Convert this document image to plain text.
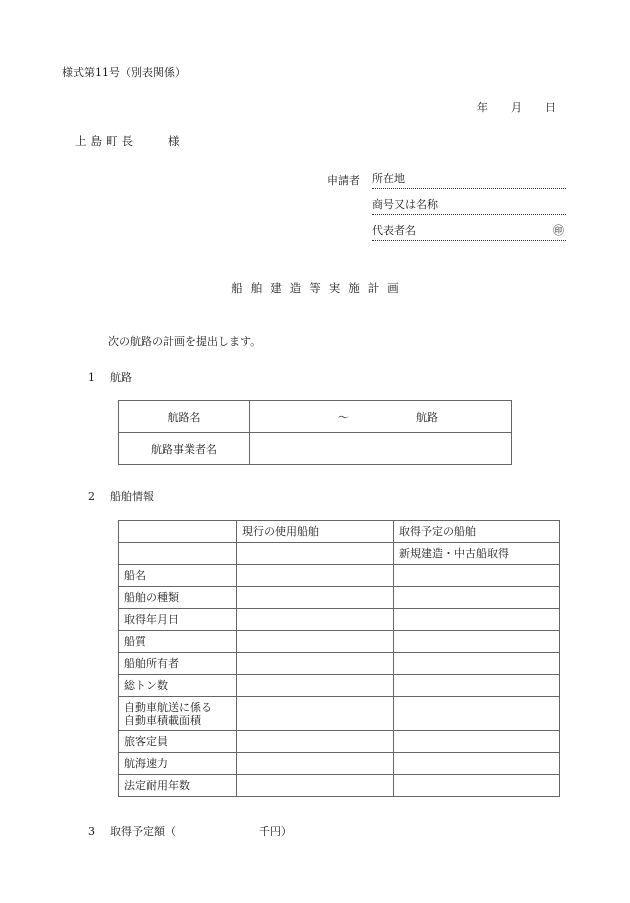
様式第11号（別表関係）
年 月 日
上島町長　　様
申請者 所在地
商号又は名称
代表者名	㊞
船舶建造等実施計画
次の航路の計画を提出します。
1 航路
航路名	～ 航路

航路事業者名	
2 船舶情報
	現行の使用船舶	取得予定の船舶
		新規建造・中古船取得
船名		
船舶の種類		
取得年月日		
船質		
船舶所有者		
総トン数		

自動車航送に係る
自動車積載面積		

旅客定員		
航海速力		
法定耐用年数		
3 取得予定額（	千円）
